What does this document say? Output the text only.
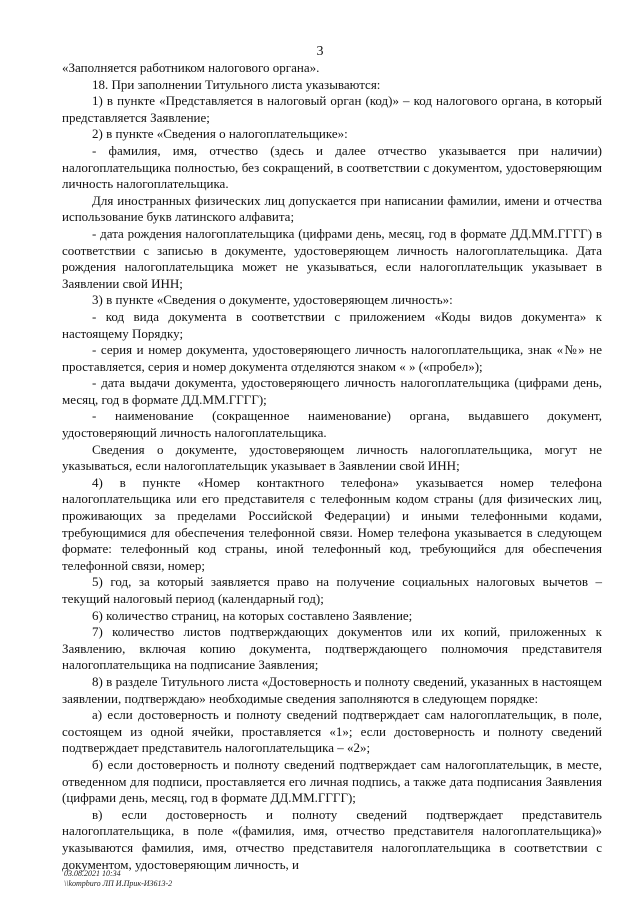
3

«Заполняется работником налогового органа».

18. При заполнении Титульного листа указываются:

1) в пункте «Представляется в налоговый орган (код)» – код налогового органа, в который представляется Заявление;

2) в пункте «Сведения о налогоплательщике»:

- фамилия, имя, отчество (здесь и далее отчество указывается при наличии) налогоплательщика полностью, без сокращений, в соответствии с документом, удостоверяющим личность налогоплательщика.

Для иностранных физических лиц допускается при написании фамилии, имени и отчества использование букв латинского алфавита;

- дата рождения налогоплательщика (цифрами день, месяц, год в формате ДД.ММ.ГГГГ) в соответствии с записью в документе, удостоверяющем личность налогоплательщика. Дата рождения налогоплательщика может не указываться, если налогоплательщик указывает в Заявлении свой ИНН;

3) в пункте «Сведения о документе, удостоверяющем личность»:

- код вида документа в соответствии с приложением «Коды видов документа» к настоящему Порядку;

- серия и номер документа, удостоверяющего личность налогоплательщика, знак «№» не проставляется, серия и номер документа отделяются знаком « » («пробел»);

- дата выдачи документа, удостоверяющего личность налогоплательщика (цифрами день, месяц, год в формате ДД.ММ.ГГГГ);

- наименование (сокращенное наименование) органа, выдавшего документ, удостоверяющий личность налогоплательщика.

Сведения о документе, удостоверяющем личность налогоплательщика, могут не указываться, если налогоплательщик указывает в Заявлении свой ИНН;

4) в пункте «Номер контактного телефона» указывается номер телефона налогоплательщика или его представителя с телефонным кодом страны (для физических лиц, проживающих за пределами Российской Федерации) и иными телефонными кодами, требующимися для обеспечения телефонной связи. Номер телефона указывается в следующем формате: телефонный код страны, иной телефонный код, требующийся для обеспечения телефонной связи, номер;

5) год, за который заявляется право на получение социальных налоговых вычетов – текущий налоговый период (календарный год);

6) количество страниц, на которых составлено Заявление;

7) количество листов подтверждающих документов или их копий, приложенных к Заявлению, включая копию документа, подтверждающего полномочия представителя налогоплательщика на подписание Заявления;

8) в разделе Титульного листа «Достоверность и полноту сведений, указанных в настоящем заявлении, подтверждаю» необходимые сведения заполняются в следующем порядке:

а) если достоверность и полноту сведений подтверждает сам налогоплательщик, в поле, состоящем из одной ячейки, проставляется «1»; если достоверность и полноту сведений подтверждает представитель налогоплательщика – «2»;

б) если достоверность и полноту сведений подтверждает сам налогоплательщик, в месте, отведенном для подписи, проставляется его личная подпись, а также дата подписания Заявления (цифрами день, месяц, год в формате ДД.ММ.ГГГГ);

в) если достоверность и полноту сведений подтверждает представитель налогоплательщика, в поле «(фамилия, имя, отчество представителя налогоплательщика)» указываются фамилия, имя, отчество представителя налогоплательщика в соответствии с документом, удостоверяющим личность, и

03.08.2021 10:34
\\kompburo ЛП И.Прик-ИЗ613-2
